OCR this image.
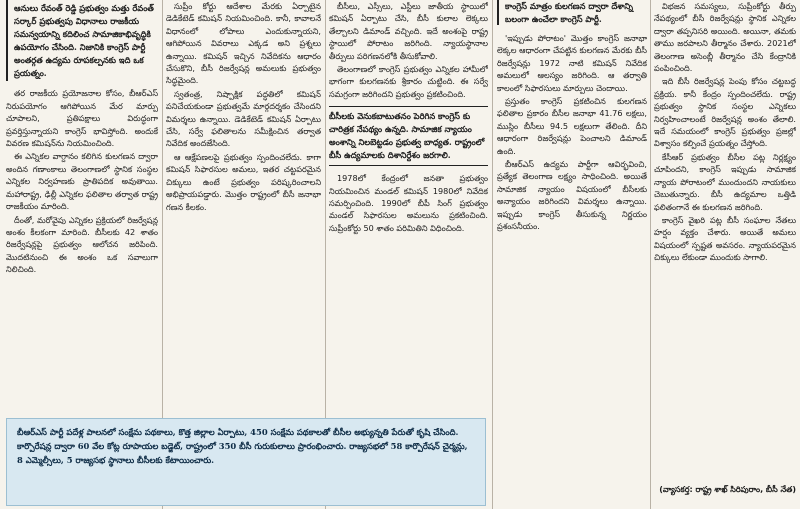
ఆనులు రేవంత్ రెడ్డి ప్రభుత్వం మత్తు రేవంత్ సర్కార్ ప్రభుత్వపు విధానాలు రాజకీయ సమన్వయాన్ని కదిలించ సామాజికాభివృద్ధికి ఉపయోగం చేసింది. నిజానికి కాంగ్రెస్ పార్టీ అంతర్గత ఉద్యమ రూపకల్పనకు ఇది ఒక ప్రయత్నం.

తర రాజకీయ ప్రయోజనాల కోసం, బీఆర్ఎస్ నిరుపయోగం ఆగిపోయిన మేర మార్పు చూపాలని, ప్రతిపక్షాలు విరుద్ధంగా ప్రవర్తిస్తున్నాయని కాంగ్రెస్ భావిస్తోంది. అందుకే వివరణ కమిషన్‌ను నియమించింది.

ఈ ఎన్నికల వాగ్దానం కలిగిన కులగణన ద్వారా అందిన గణాంకాలు తెలంగాణలో స్థానిక సంస్థల ఎన్నికల నిర్వహణకు ప్రాతిపదిక అవుతాయి. మహారాష్ట్ర, ఢిల్లీ ఎన్నికల ఫలితాల తర్వాత రాష్ట్ర రాజకీయం మారింది.

దీంతో, మరోవైపు ఎన్నికల ప్రక్రియలో రిజర్వేషన్ల అంశం కీలకంగా మారింది. బీసీలకు 42 శాతం రిజర్వేషన్లపై ప్రభుత్వం ఆలోచన జరిపింది. మొదటినుంచి ఈ అంశం ఒక సవాలుగా నిలిచింది.

సుప్రీం కోర్టు ఆదేశాల మేరకు ఏర్పాటైన డెడికేటెడ్ కమిషన్ నియమించింది. కానీ, కావాలనే విధానంలో లోపాలు ఎందుకున్నాయని, ఆగిపోయిన వివరాలు ఎక్కడ అని ప్రశ్నలు ఉన్నాయి. కమిషన్ ఇచ్చిన నివేదికను ఆధారం చేసుకొని, బీసీ రిజర్వేషన్ల అమలుకు ప్రభుత్వం సిద్ధమైంది.

స్వతంత్ర, నిష్పాక్షిక పద్ధతిలో కమిషన్ పనిచేయకుండా ప్రభుత్వమే మార్గదర్శకం చేసిందని విమర్శలు ఉన్నాయి. డెడికేటెడ్ కమిషన్ ఏర్పాటు చేసి, సర్వే ఫలితాలను సమీక్షించిన తర్వాత నివేదిక అందజేసింది.

ఆ ఆక్షేపణలపై ప్రభుత్వం స్పందించలేదు. కాగా కమిషన్ సిఫారసుల అమలు, ఇతర చట్టపరమైన చిక్కులు ఉంటే ప్రభుత్వం పరిష్కరించాలని అభిప్రాయపడ్డారు. మొత్తం రాష్ట్రంలో బీసీ జనాభా గణన కీలకం.

బీసీలు, ఎస్సీలు, ఎస్టీలు జాతీయ స్థాయిలో కమిషన్ ఏర్పాటు చేసి, బీసీ కులాల లెక్కలు తేల్చాలని డిమాండ్ వచ్చింది. ఇదే అంశంపై రాష్ట్ర స్థాయిలో పోరాటం జరిగింది. న్యాయస్థానాల తీర్పులు పరిగణనలోకి తీసుకోవాలి.

తెలంగాణలో కాంగ్రెస్ ప్రభుత్వం ఎన్నికల హామీలో భాగంగా కులగణనకు శ్రీకారం చుట్టింది. ఈ సర్వే సమగ్రంగా జరిగిందని ప్రభుత్వం ప్రకటించింది.

బీసీలకు వెనుకబాటుతనం పెరిగిన కాంగ్రెస్ కు చారిత్రక నేపథ్యం ఉన్నది. సామాజిక న్యాయం అంశాన్ని నిలబెట్టడం ప్రభుత్వ బాధ్యత. రాష్ట్రంలో బీసీ ఉద్యమాలకు దిశానిర్దేశం జరగాలి.

1978లో కేంద్రంలో జనతా ప్రభుత్వం నియమించిన మండల్ కమిషన్ 1980లో నివేదిక సమర్పించింది. 1990లో బీపీ సింగ్ ప్రభుత్వం మండల్ సిఫారసుల అమలును ప్రకటించింది. సుప్రీంకోర్టు 50 శాతం పరిమితిని విధించింది.

కాంగ్రెస్ మాత్రం కులగణన ద్వారా దేశాన్ని బలంగా ఉంచేలా కాంగ్రెస్ పార్టీ.

'ఇప్పుడు పోరాటం' మొత్తం కాంగ్రెస్ జనాభా లెక్కల ఆధారంగా చేపట్టిన కులగణన మేరకు బీసీ రిజర్వేషన్లు 1972 నాటి కమిషన్ నివేదిక అమలులో ఆలస్యం జరిగింది. ఆ తర్వాతి కాలంలో సిఫారసులు మార్పులు చెందాయి.

ప్రస్తుతం కాంగ్రెస్ ప్రకటించిన కులగణన ఫలితాల ప్రకారం బీసీల జనాభా 41.76 లక్షలు, ముస్లిం బీసీలు 94.5 లక్షలుగా తేలింది. దీని ఆధారంగా రిజర్వేషన్లు పెంచాలని డిమాండ్ ఉంది.

బీఆర్ఎస్ ఉద్యమ పార్టీగా ఆవిర్భవించి, ప్రత్యేక తెలంగాణ లక్ష్యం సాధించింది. అయితే సామాజిక న్యాయం విషయంలో బీసీలకు అన్యాయం జరిగిందని విమర్శలు ఉన్నాయి. ఇప్పుడు కాంగ్రెస్ తీసుకున్న నిర్ణయం ప్రశంసనీయం.

విభజన సమస్యలు, సుప్రీంకోర్టు తీర్పు నేపథ్యంలో బీసీ రిజర్వేషన్లు స్థానిక ఎన్నికల ద్వారా తప్పనిసరి అయింది. అయినా, తమకు తాము జరపాలని తీర్మానం చేశారు. 2021లో తెలంగాణ అసెంబ్లీ తీర్మానం చేసి కేంద్రానికి పంపించింది.

ఇది బీసీ రిజర్వేషన్ల పెంపు కోసం చట్టబద్ధ ప్రక్రియ. కానీ కేంద్రం స్పందించలేదు. రాష్ట్ర ప్రభుత్వం స్థానిక సంస్థల ఎన్నికలు నిర్వహించాలంటే రిజర్వేషన్ల అంశం తేలాలి. ఇదే సమయంలో కాంగ్రెస్ ప్రభుత్వం ప్రజల్లో విశ్వాసం కల్పించే ప్రయత్నం చేస్తోంది.

కేసీఆర్ ప్రభుత్వం బీసీల పట్ల నిర్లక్ష్యం చూపిందని, కాంగ్రెస్ ఇప్పుడు సామాజిక న్యాయ పోరాటంలో ముందుందని నాయకులు చెబుతున్నారు. బీసీ ఉద్యమాల ఒత్తిడి ఫలితంగానే ఈ కులగణన జరిగింది.

కాంగ్రెస్ వైఖరి పట్ల బీసీ సంఘాల నేతలు హర్షం వ్యక్తం చేశారు. అయితే అమలు విషయంలో స్పష్టత అవసరం. న్యాయపరమైన చిక్కులు లేకుండా ముందుకు సాగాలి.

బీఆర్ఎస్ పార్టీ పదేళ్ల పాలనలో సంక్షేమ పథకాలు, కొత్త జిల్లాల ఏర్పాటు, 450 సంక్షేమ పథకాలతో బీసీల అభ్యున్నతి పేరుతో కృషి చేసింది. కార్పొరేషన్ల ద్వారా 60 వేల కోట్ల రూపాయల బడ్జెట్, రాష్ట్రంలో 350 బీసీ గురుకులాలు ప్రారంభించారు. రాజ్యసభలో 58 కార్పొరేషన్ చైర్మన్లు, 8 ఎమ్మెల్సీలు, 5 రాజ్యసభ స్థానాలు బీసీలకు కేటాయించారు.
(వ్యాసకర్త: రాష్ట్ర శాఖ్ సిరిపురాం, బీసీ నేత)
